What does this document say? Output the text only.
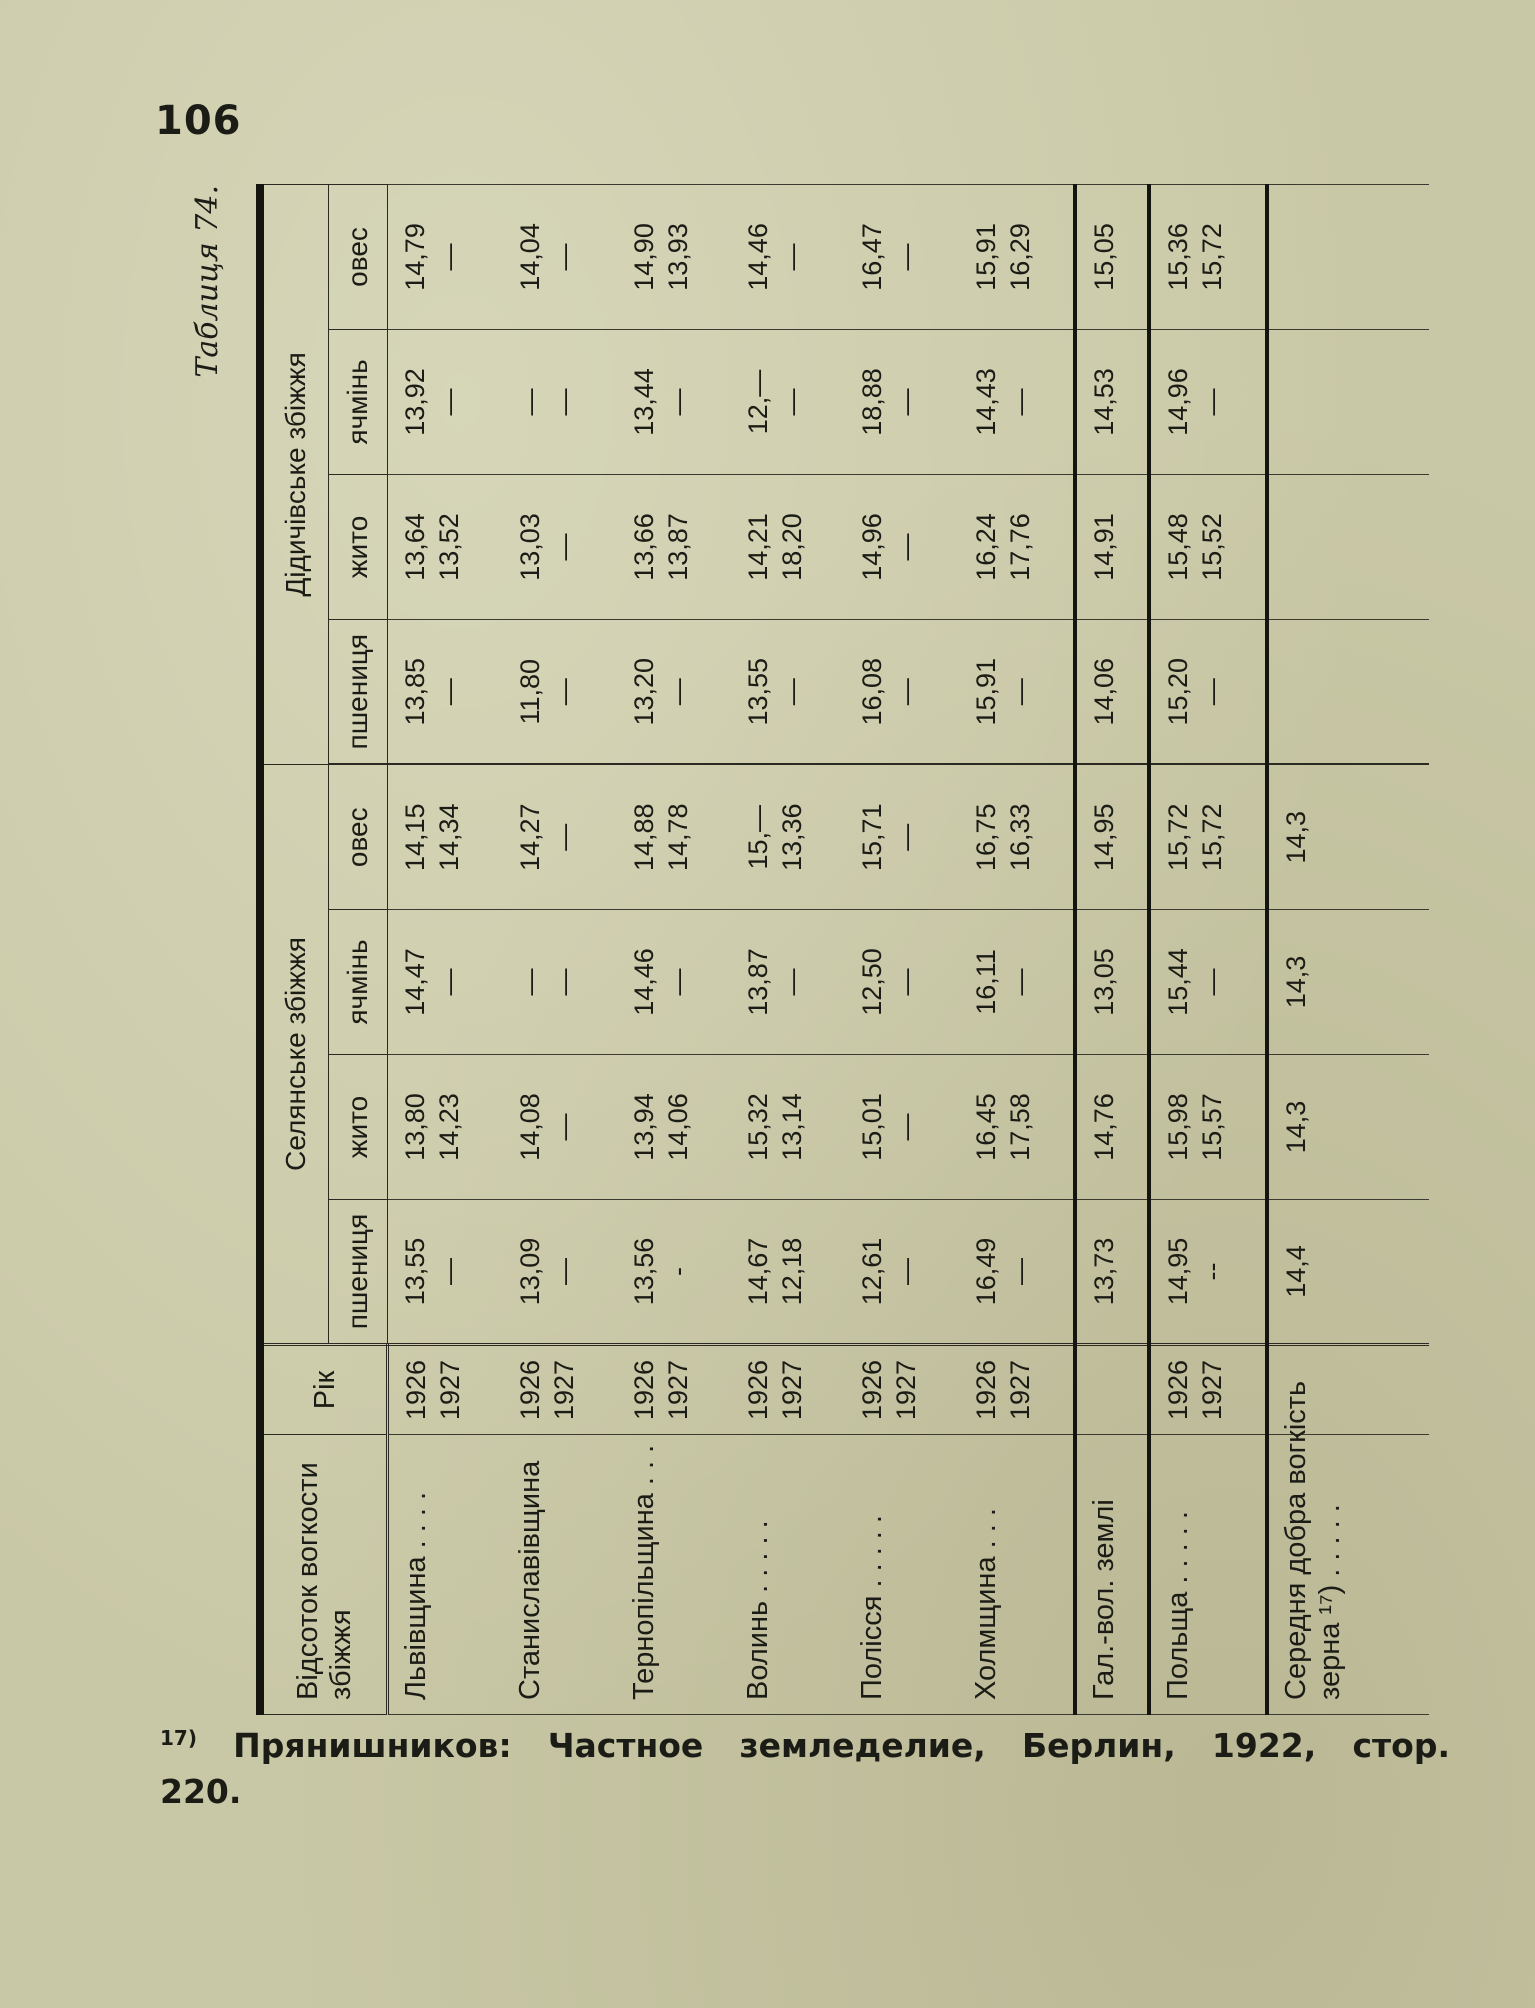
106
Таблиця 74.
Відсоток вогкости збіжжя	Рік	Селянське збіжжя				Дідичівське збіжжя			
		пшениця	жито	ячмінь	овес	пшениця	жито	ячмінь	овес
Львівщина . . . .	1926 1927	13,55 —	13,80 14,23	14,47 —	14,15 14,34	13,85 —	13,64 13,52	13,92 —	14,79 —

Станиславівщина	1926 1927	13,09 —	14,08 —	— —	14,27 —	11,80 —	13,03 —	— —	14,04 —

Тернопільщина . . .	1926 1927	13,56 -	13,94 14,06	14,46 —	14,88 14,78	13,20 —	13,66 13,87	13,44 —	14,90 13,93

Волинь . . . . .	1926 1927	14,67 12,18	15,32 13,14	13,87 —	15,— 13,36	13,55 —	14,21 18,20	12,— —	14,46 —

Полісся . . . . .	1926 1927	12,61 —	15,01 —	12,50 —	15,71 —	16,08 —	14,96 —	18,88 —	16,47 —

Холмщина . . .	1926 1927	16,49 —	16,45 17,58	16,11 —	16,75 16,33	15,91 —	16,24 17,76	14,43 —	15,91 16,29

Гал.-вол. землі		13,73	14,76	13,05	14,95	14,06	14,91	14,53	15,05

Польща . . . . .	1926 1927	14,95 --	15,98 15,57	15,44 —	15,72 15,72	15,20 —	15,48 15,52	14,96 —	15,36 15,72

Середня добра вогкість зерна ¹⁷) . . . . .		14,4	14,3	14,3	14,3				

$^{17)}$ Прянишников: Частное земледелие, Берлин, 1922, стор. 220.
